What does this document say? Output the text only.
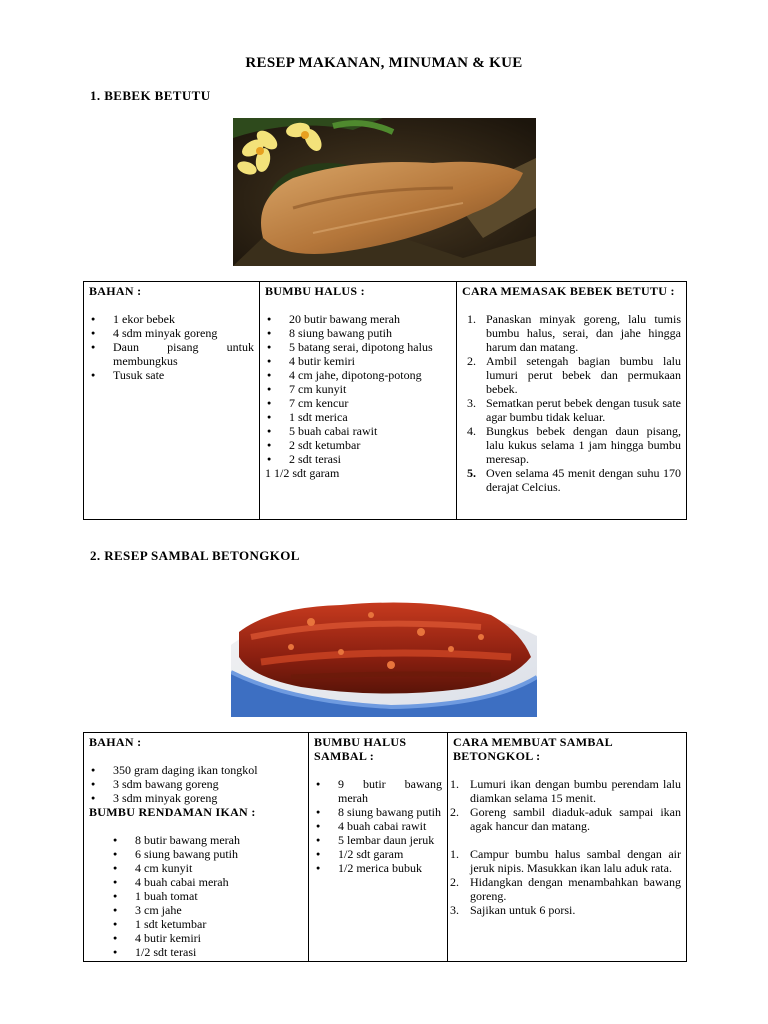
RESEP MAKANAN, MINUMAN & KUE
1. BEBEK BETUTU
BAHAN :
● 1 ekor bebek
● 4 sdm minyak goreng
● Daun pisang untuk membungkus
● Tusuk sate

BUMBU HALUS :
● 20 butir bawang merah
● 8 siung bawang putih
● 5 batang serai, dipotong halus
● 4 butir kemiri
● 4 cm jahe, dipotong-potong
● 7 cm kunyit
● 7 cm kencur
● 1 sdt merica
● 5 buah cabai rawit
● 2 sdt ketumbar
● 2 sdt terasi
1 1/2 sdt garam

CARA MEMASAK BEBEK BETUTU :
1. Panaskan minyak goreng, lalu tumis bumbu halus, serai, dan jahe hingga harum dan matang.
2. Ambil setengah bagian bumbu lalu lumuri perut bebek dan permukaan bebek.
3. Sematkan perut bebek dengan tusuk sate agar bumbu tidak keluar.
4. Bungkus bebek dengan daun pisang, lalu kukus selama 1 jam hingga bumbu meresap.
5. Oven selama 45 menit dengan suhu 170 derajat Celcius.
2. RESEP SAMBAL BETONGKOL
BAHAN :
● 350 gram daging ikan tongkol
● 3 sdm bawang goreng
● 3 sdm minyak goreng
BUMBU RENDAMAN IKAN :
● 8 butir bawang merah
● 6 siung bawang putih
● 4 cm kunyit
● 4 buah cabai merah
● 1 buah tomat
● 3 cm jahe
● 1 sdt ketumbar
● 4 butir kemiri
● 1/2 sdt terasi

BUMBU HALUS SAMBAL :
● 9 butir bawang merah
● 8 siung bawang putih
● 4 buah cabai rawit
● 5 lembar daun jeruk
● 1/2 sdt garam
● 1/2 merica bubuk

CARA MEMBUAT SAMBAL BETONGKOL :
1. Lumuri ikan dengan bumbu perendam lalu diamkan selama 15 menit.
2. Goreng sambil diaduk-aduk sampai ikan agak hancur dan matang.
1. Campur bumbu halus sambal dengan air jeruk nipis. Masukkan ikan lalu aduk rata.
2. Hidangkan dengan menambahkan bawang goreng.
3. Sajikan untuk 6 porsi.
